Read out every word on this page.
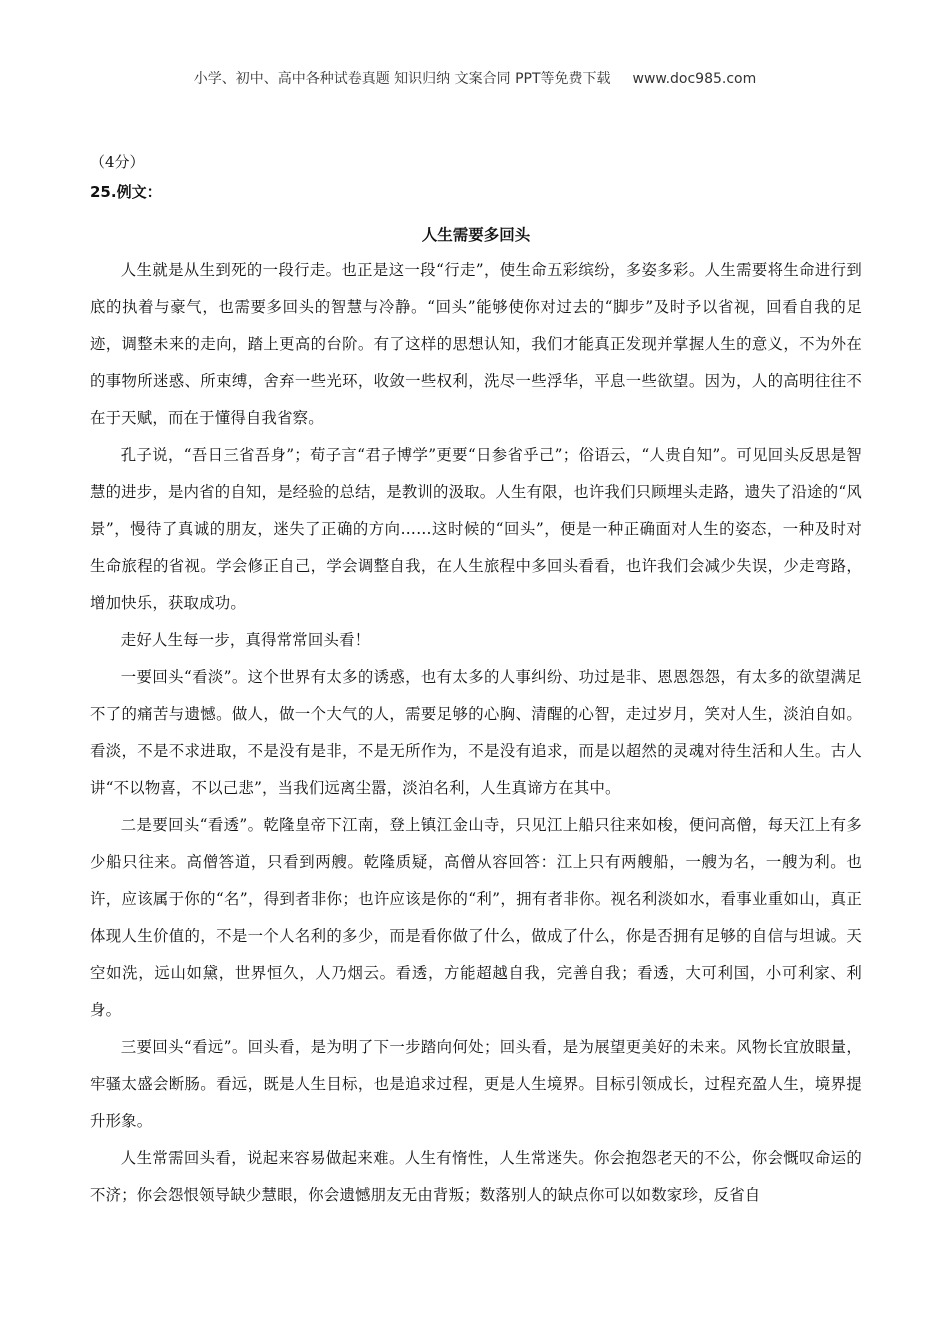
小学、初中、高中各种试卷真题 知识归纳 文案合同 PPT等免费下载 www.doc985.com

（4分）

25.例文：

人生需要多回头

人生就是从生到死的一段行走。也正是这一段“行走”，使生命五彩缤纷，多姿多彩。人生需要将生命进行到底的执着与豪气，也需要多回头的智慧与冷静。“回头”能够使你对过去的“脚步”及时予以省视，回看自我的足迹，调整未来的走向，踏上更高的台阶。有了这样的思想认知，我们才能真正发现并掌握人生的意义，不为外在的事物所迷惑、所束缚，舍弃一些光环，收敛一些权利，洗尽一些浮华，平息一些欲望。因为，人的高明往往不在于天赋，而在于懂得自我省察。

孔子说，“吾日三省吾身”；荀子言“君子博学”更要“日参省乎己”；俗语云，“人贵自知”。可见回头反思是智慧的进步，是内省的自知，是经验的总结，是教训的汲取。人生有限，也许我们只顾埋头走路，遗失了沿途的“风景”，慢待了真诚的朋友，迷失了正确的方向……这时候的“回头”，便是一种正确面对人生的姿态，一种及时对生命旅程的省视。学会修正自己，学会调整自我，在人生旅程中多回头看看，也许我们会减少失误，少走弯路，增加快乐，获取成功。

走好人生每一步，真得常常回头看！

一要回头“看淡”。这个世界有太多的诱惑，也有太多的人事纠纷、功过是非、恩恩怨怨，有太多的欲望满足不了的痛苦与遗憾。做人，做一个大气的人，需要足够的心胸、清醒的心智，走过岁月，笑对人生，淡泊自如。看淡，不是不求进取，不是没有是非，不是无所作为，不是没有追求，而是以超然的灵魂对待生活和人生。古人讲“不以物喜，不以己悲”，当我们远离尘嚣，淡泊名利，人生真谛方在其中。

二是要回头“看透”。乾隆皇帝下江南，登上镇江金山寺，只见江上船只往来如梭，便问高僧，每天江上有多少船只往来。高僧答道，只看到两艘。乾隆质疑，高僧从容回答：江上只有两艘船，一艘为名，一艘为利。也许，应该属于你的“名”，得到者非你；也许应该是你的“利”，拥有者非你。视名利淡如水，看事业重如山，真正体现人生价值的，不是一个人名利的多少，而是看你做了什么，做成了什么，你是否拥有足够的自信与坦诚。天空如洗，远山如黛，世界恒久，人乃烟云。看透，方能超越自我，完善自我；看透，大可利国，小可利家、利身。

三要回头“看远”。回头看，是为明了下一步踏向何处；回头看，是为展望更美好的未来。风物长宜放眼量，牢骚太盛会断肠。看远，既是人生目标，也是追求过程，更是人生境界。目标引领成长，过程充盈人生，境界提升形象。

人生常需回头看，说起来容易做起来难。人生有惰性，人生常迷失。你会抱怨老天的不公，你会慨叹命运的不济；你会怨恨领导缺少慧眼，你会遗憾朋友无由背叛；数落别人的缺点你可以如数家珍，反省自
